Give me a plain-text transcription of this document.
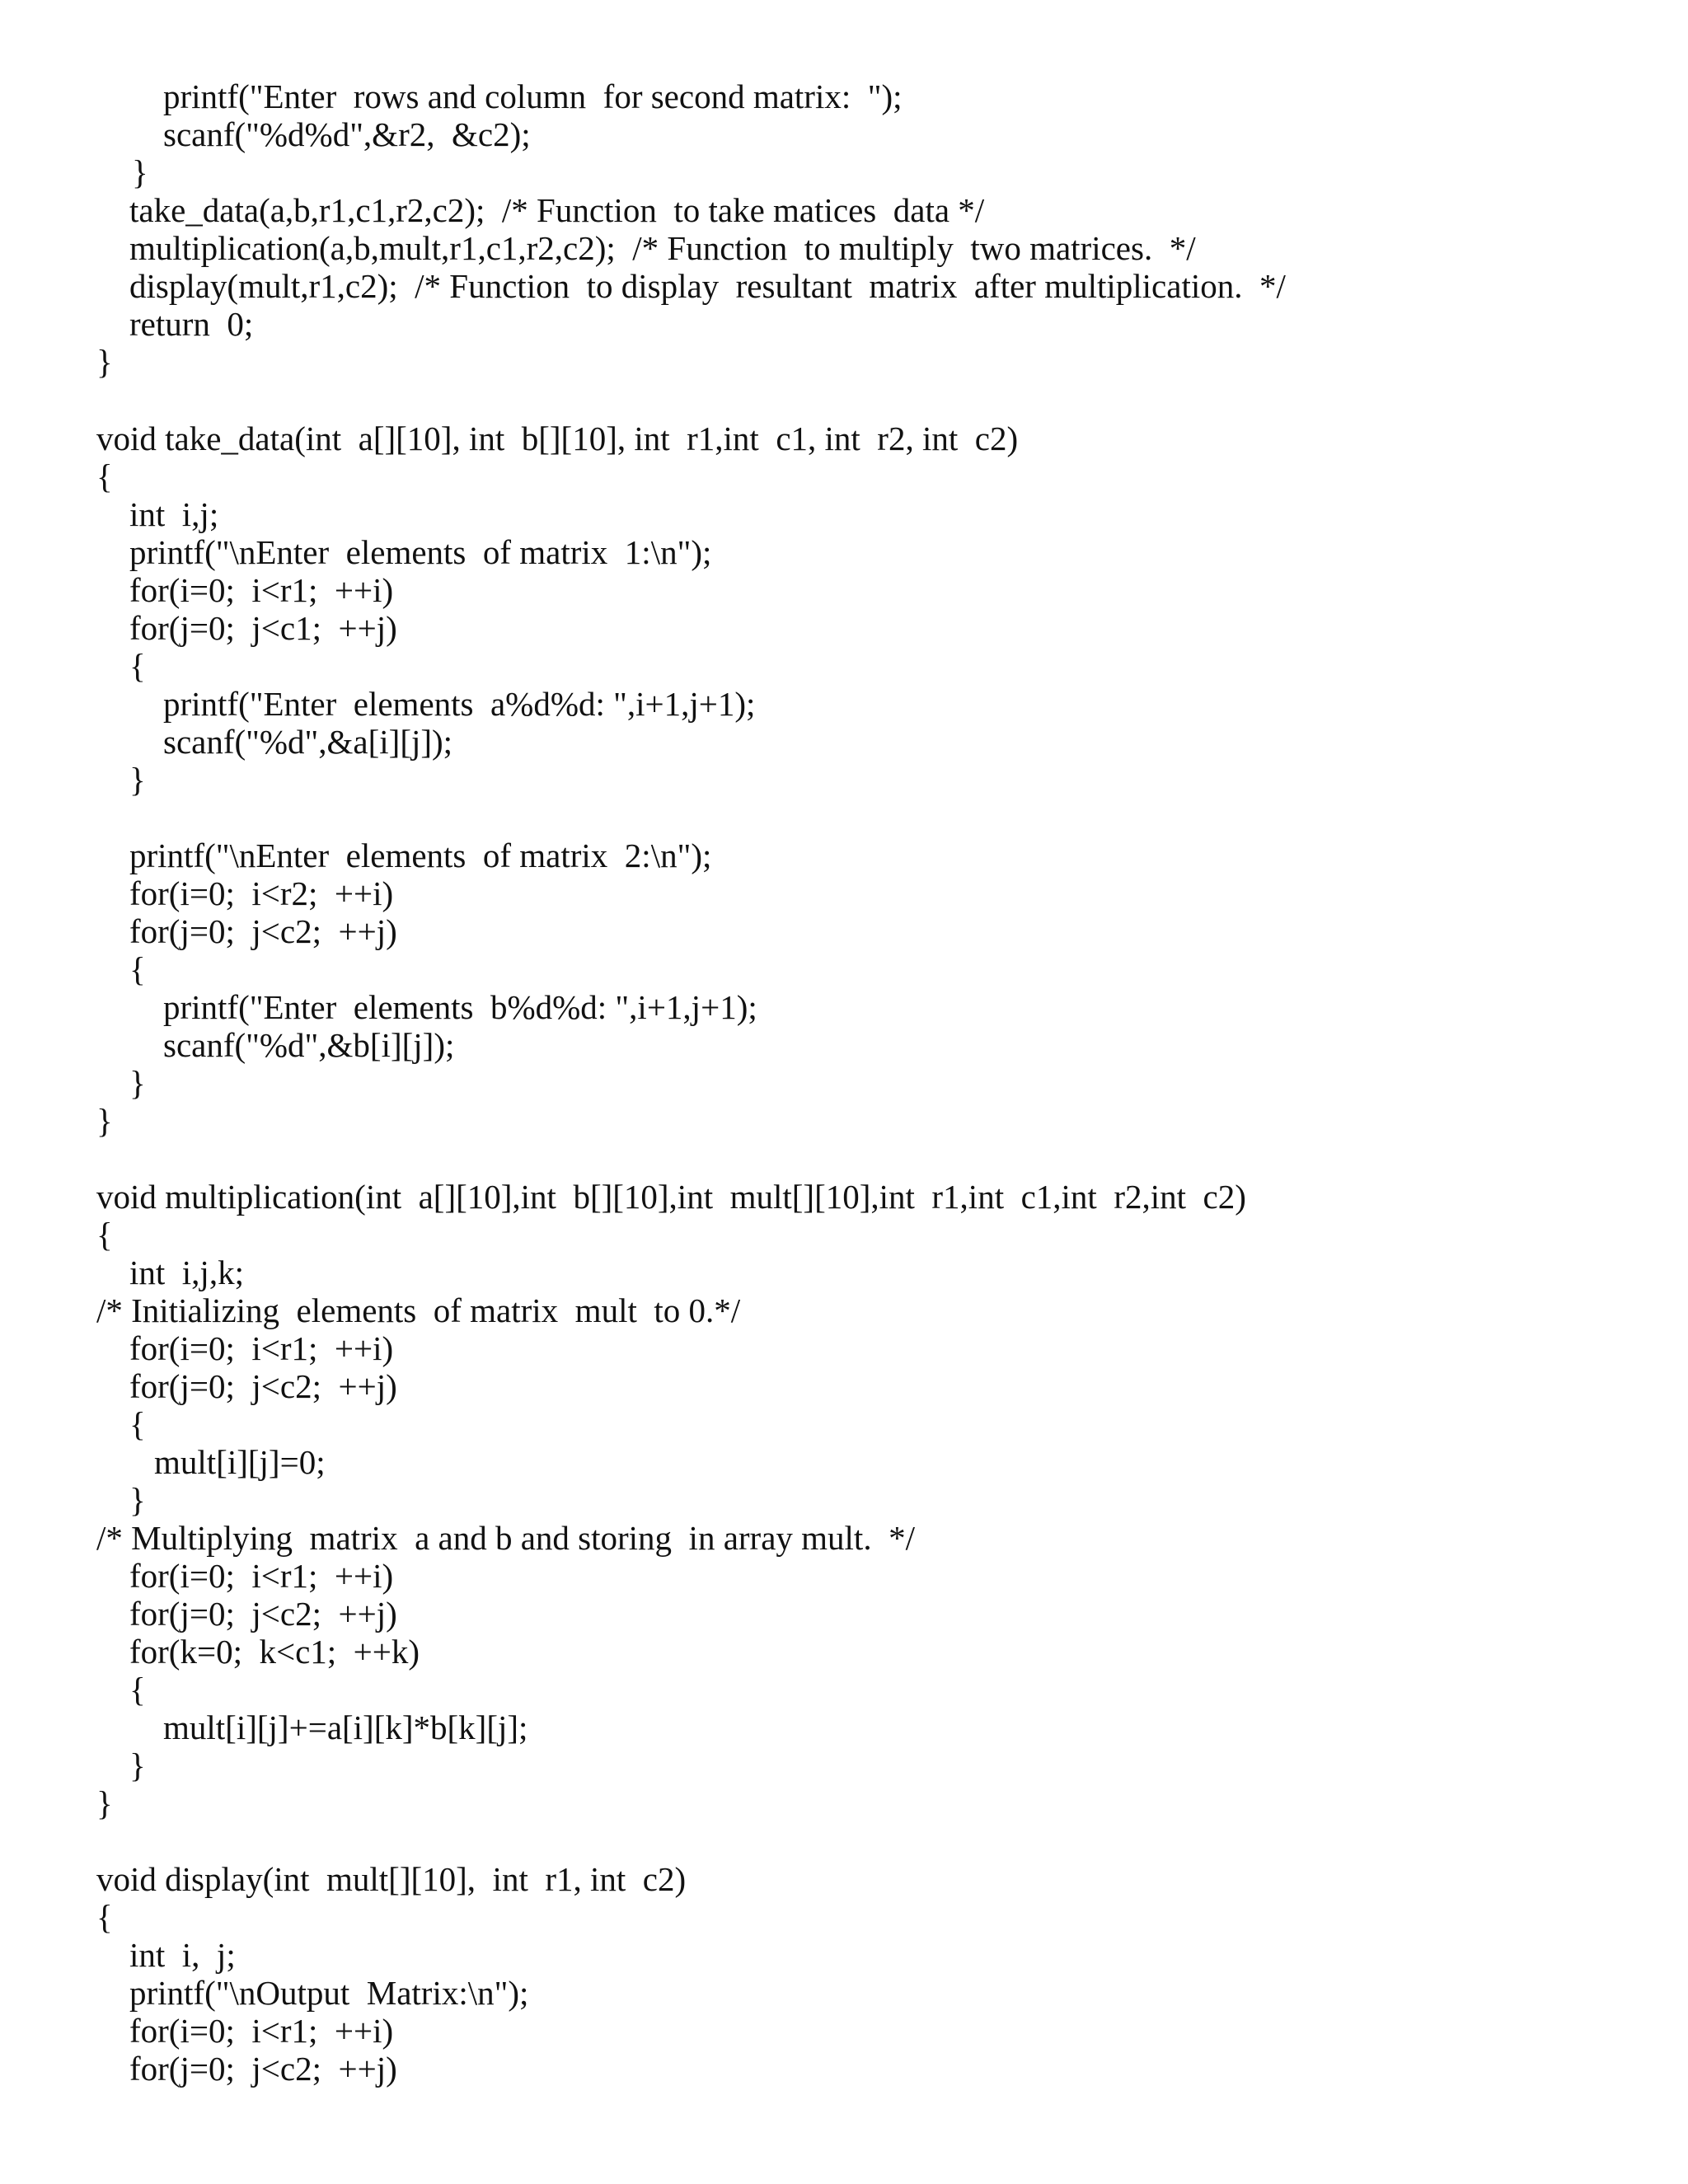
printf("Enter  rows and column  for second matrix:  ");
scanf("%d%d",&r2,  &c2);
}
take_data(a,b,r1,c1,r2,c2);  /* Function  to take matices  data */
multiplication(a,b,mult,r1,c1,r2,c2);  /* Function  to multiply  two matrices.  */
display(mult,r1,c2);  /* Function  to display  resultant  matrix  after multiplication.  */
return  0;
}
void take_data(int  a[][10], int  b[][10], int  r1,int  c1, int  r2, int  c2)
{
int  i,j;
printf("\nEnter  elements  of matrix  1:\n");
for(i=0;  i<r1;  ++i)
for(j=0;  j<c1;  ++j)
{
printf("Enter  elements  a%d%d: ",i+1,j+1);
scanf("%d",&a[i][j]);
}
printf("\nEnter  elements  of matrix  2:\n");
for(i=0;  i<r2;  ++i)
for(j=0;  j<c2;  ++j)
{
printf("Enter  elements  b%d%d: ",i+1,j+1);
scanf("%d",&b[i][j]);
}
}
void multiplication(int  a[][10],int  b[][10],int  mult[][10],int  r1,int  c1,int  r2,int  c2)
{
int  i,j,k;
/* Initializing  elements  of matrix  mult  to 0.*/
for(i=0;  i<r1;  ++i)
for(j=0;  j<c2;  ++j)
{
mult[i][j]=0;
}
/* Multiplying  matrix  a and b and storing  in array mult.  */
for(i=0;  i<r1;  ++i)
for(j=0;  j<c2;  ++j)
for(k=0;  k<c1;  ++k)
{
mult[i][j]+=a[i][k]*b[k][j];
}
}
void display(int  mult[][10],  int  r1, int  c2)
{
int  i,  j;
printf("\nOutput  Matrix:\n");
for(i=0;  i<r1;  ++i)
for(j=0;  j<c2;  ++j)
